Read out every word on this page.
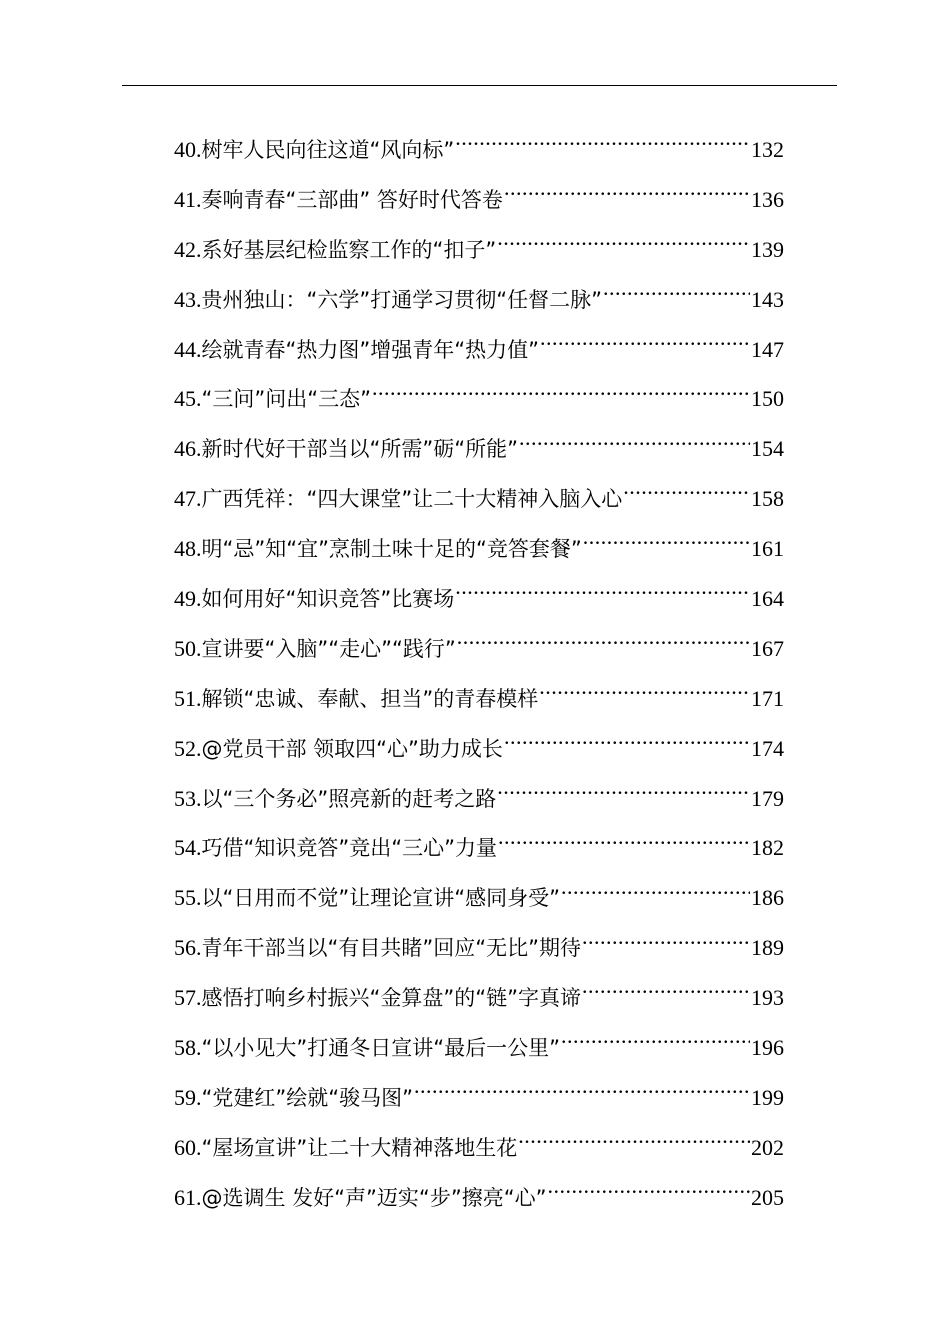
40. 树牢人民向往这道“风向标” .....	132
41. 奏响青春“三部曲” 答好时代答卷 .....	136
42. 系好基层纪检监察工作的“扣子” .....	139
43. 贵州独山：“六学”打通学习贯彻“任督二脉” .....	143
44. 绘就青春“热力图”增强青年“热力值” .....	147
45. “三问”问出“三态” .....	150
46. 新时代好干部当以“所需”砺“所能” .....	154
47. 广西凭祥：“四大课堂”让二十大精神入脑入心 .....	158
48. 明“忌”知“宜”烹制土味十足的“竞答套餐” .....	161
49. 如何用好“知识竞答”比赛场 .....	164
50. 宣讲要“入脑”“走心”“践行” .....	167
51. 解锁“忠诚、奉献、担当”的青春模样 .....	171
52. @党员干部 领取四“心”助力成长 .....	174
53. 以“三个务必”照亮新的赶考之路 .....	179
54. 巧借“知识竞答”竞出“三心”力量 .....	182
55. 以“日用而不觉”让理论宣讲“感同身受” .....	186
56. 青年干部当以“有目共睹”回应“无比”期待 .....	189
57. 感悟打响乡村振兴“金算盘”的“链”字真谛 .....	193
58. “以小见大”打通冬日宣讲“最后一公里” .....	196
59. “党建红”绘就“骏马图” .....	199
60. “屋场宣讲”让二十大精神落地生花 .....	202
61. @选调生 发好“声”迈实“步”擦亮“心” .....	205
